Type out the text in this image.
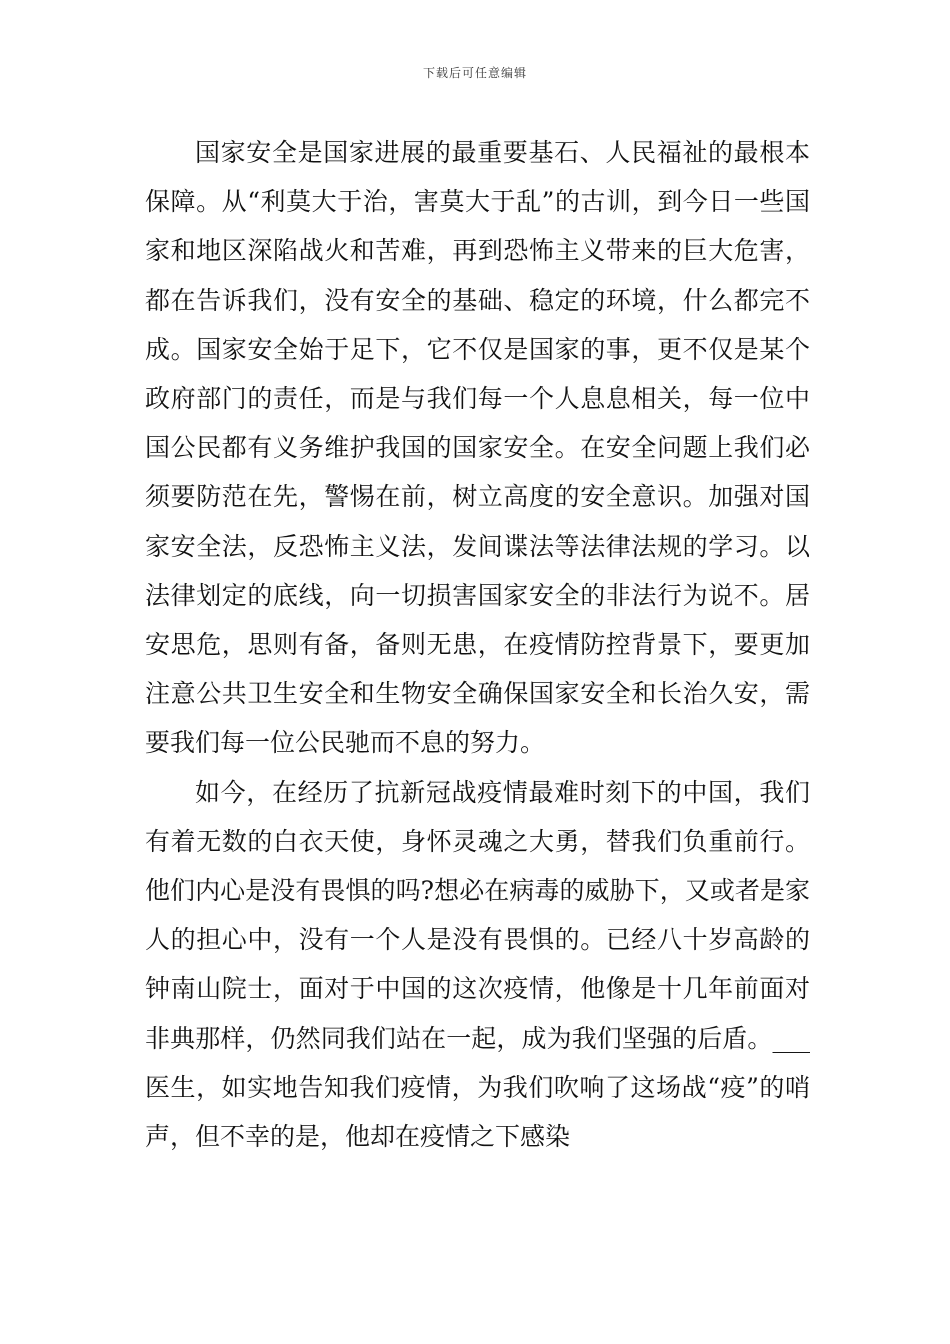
下载后可任意编辑

国家安全是国家进展的最重要基石、人民福祉的最根本保障。从“利莫大于治，害莫大于乱”的古训，到今日一些国家和地区深陷战火和苦难，再到恐怖主义带来的巨大危害，都在告诉我们，没有安全的基础、稳定的环境，什么都完不成。国家安全始于足下，它不仅是国家的事，更不仅是某个政府部门的责任，而是与我们每一个人息息相关，每一位中国公民都有义务维护我国的国家安全。在安全问题上我们必须要防范在先，警惕在前，树立高度的安全意识。加强对国家安全法，反恐怖主义法，发间谍法等法律法规的学习。以法律划定的底线，向一切损害国家安全的非法行为说不。居安思危，思则有备，备则无患，在疫情防控背景下，要更加注意公共卫生安全和生物安全确保国家安全和长治久安，需要我们每一位公民驰而不息的努力。

如今，在经历了抗新冠战疫情最难时刻下的中国，我们有着无数的白衣天使，身怀灵魂之大勇，替我们负重前行。他们内心是没有畏惧的吗?想必在病毒的威胁下，又或者是家人的担心中，没有一个人是没有畏惧的。已经八十岁高龄的钟南山院士，面对于中国的这次疫情，他像是十几年前面对非典那样，仍然同我们站在一起，成为我们坚强的后盾。___医生，如实地告知我们疫情，为我们吹响了这场战“疫”的哨声，但不幸的是，他却在疫情之下感染
